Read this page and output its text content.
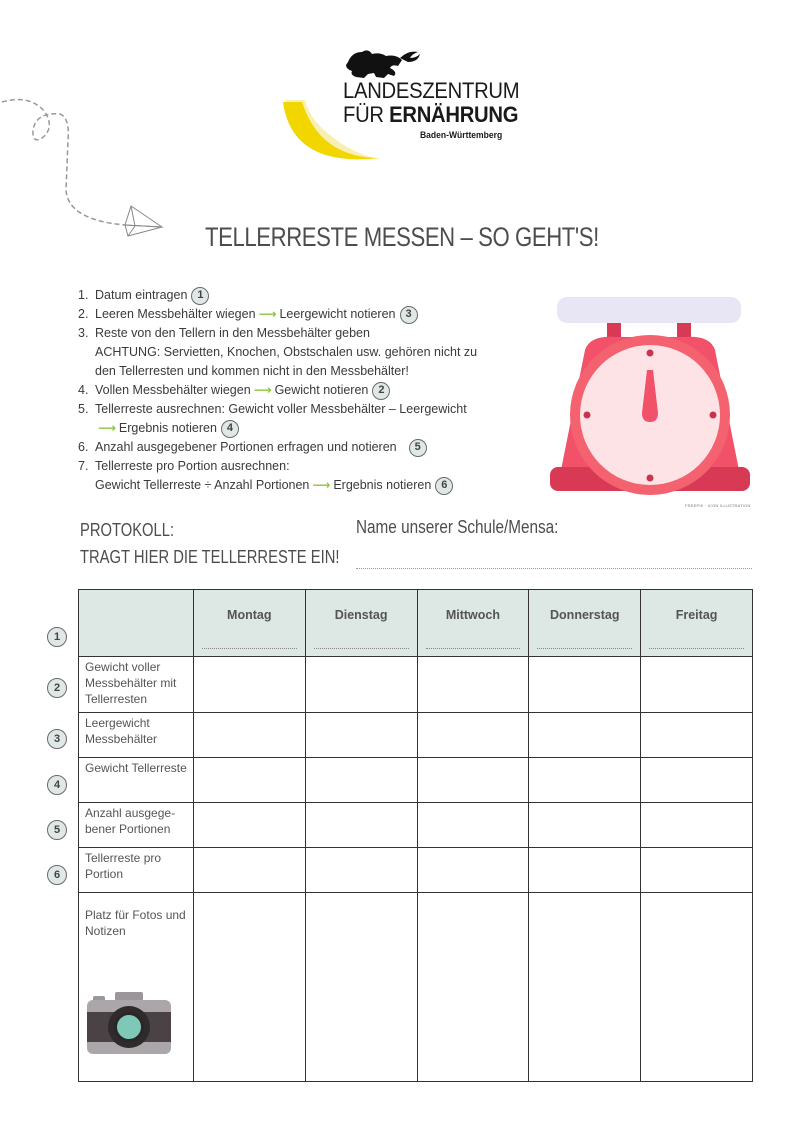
LANDESZENTRUM
FÜR ERNÄHRUNG
Baden-Württemberg
TELLERRESTE MESSEN – SO GEHT'S!
1. Datum eintragen 1
2. Leeren Messbehälter wiegen ⟶ Leergewicht notieren 3
3. Reste von den Tellern in den Messbehälter geben
ACHTUNG: Servietten, Knochen, Obstschalen usw. gehören nicht zu
den Tellerresten und kommen nicht in den Messbehälter!
4. Vollen Messbehälter wiegen ⟶ Gewicht notieren 2
5. Tellerreste ausrechnen: Gewicht voller Messbehälter – Leergewicht
⟶ Ergebnis notieren 4
6. Anzahl ausgegebener Portionen erfragen und notieren 5
7. Tellerreste pro Portion ausrechnen:
Gewicht Tellerreste ÷ Anzahl Portionen ⟶ Ergebnis notieren 6
FREEPIK · ICON ILLUSTRATION
PROTOKOLL:
TRAGT HIER DIE TELLERRESTE EIN!
Name unserer Schule/Mensa:
1
2
3
4
5
6

	Montag	Dienstag	Mittwoch	Donnerstag	Freitag

Gewicht voller Messbehälter mit Tellerresten					
Leergewicht Messbehälter					
Gewicht Tellerreste					
Anzahl ausgege- bener Portionen					
Tellerreste pro Portion					
Platz für Fotos und Notizen					
